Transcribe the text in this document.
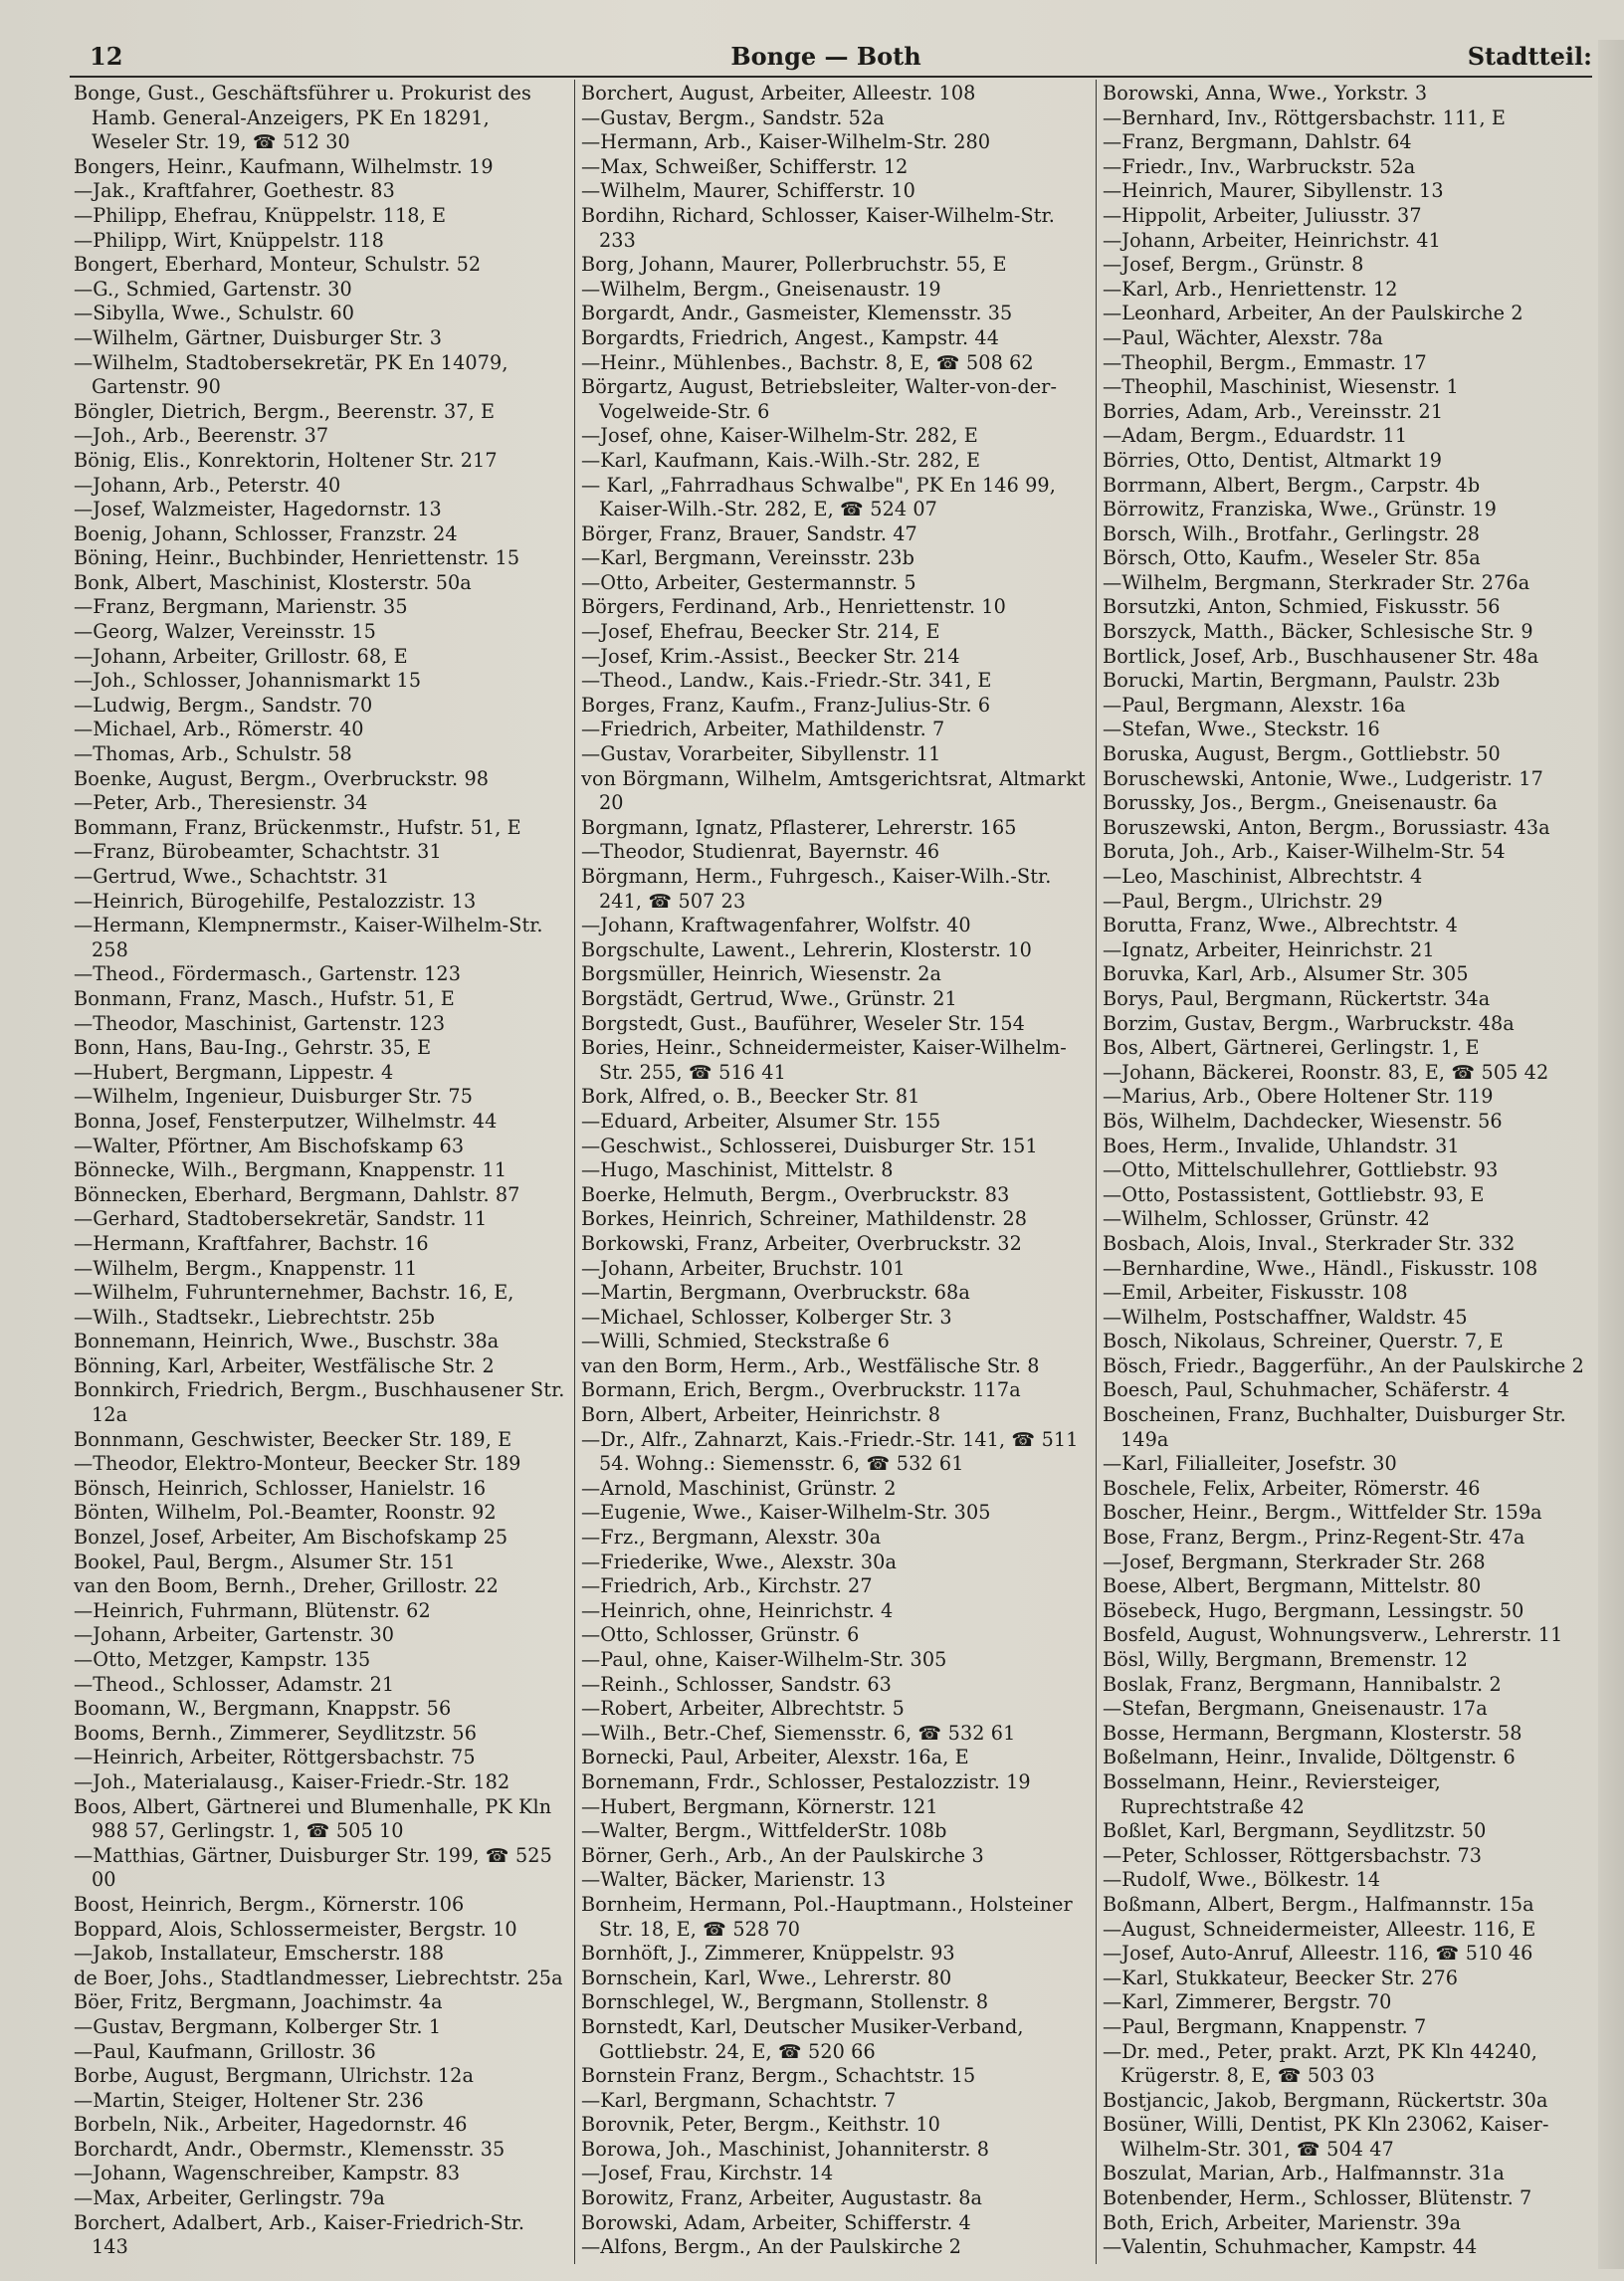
12	Bonge — Both	Stadtteil:

Bonge, Gust., Geschäftsführer u. Prokurist des Hamb. General-Anzeigers, PK En 18291, Weseler Str. 19, ☎ 512 30

Bongers, Heinr., Kaufmann, Wilhelmstr. 19

—Jak., Kraftfahrer, Goethestr. 83

—Philipp, Ehefrau, Knüppelstr. 118, E

—Philipp, Wirt, Knüppelstr. 118

Bongert, Eberhard, Monteur, Schulstr. 52

—G., Schmied, Gartenstr. 30

—Sibylla, Wwe., Schulstr. 60

—Wilhelm, Gärtner, Duisburger Str. 3

—Wilhelm, Stadtobersekretär, PK En 14079, Gartenstr. 90

Böngler, Dietrich, Bergm., Beerenstr. 37, E

—Joh., Arb., Beerenstr. 37

Bönig, Elis., Konrektorin, Holtener Str. 217

—Johann, Arb., Peterstr. 40

—Josef, Walzmeister, Hagedornstr. 13

Boenig, Johann, Schlosser, Franzstr. 24

Böning, Heinr., Buchbinder, Henriettenstr. 15

Bonk, Albert, Maschinist, Klosterstr. 50a

—Franz, Bergmann, Marienstr. 35

—Georg, Walzer, Vereinsstr. 15

—Johann, Arbeiter, Grillostr. 68, E

—Joh., Schlosser, Johannismarkt 15

—Ludwig, Bergm., Sandstr. 70

—Michael, Arb., Römerstr. 40

—Thomas, Arb., Schulstr. 58

Boenke, August, Bergm., Overbruckstr. 98

—Peter, Arb., Theresienstr. 34

Bommann, Franz, Brückenmstr., Hufstr. 51, E

—Franz, Bürobeamter, Schachtstr. 31

—Gertrud, Wwe., Schachtstr. 31

—Heinrich, Bürogehilfe, Pestalozzistr. 13

—Hermann, Klempnermstr., Kaiser-Wilhelm-Str. 258

—Theod., Fördermasch., Gartenstr. 123

Bonmann, Franz, Masch., Hufstr. 51, E

—Theodor, Maschinist, Gartenstr. 123

Bonn, Hans, Bau-Ing., Gehrstr. 35, E

—Hubert, Bergmann, Lippestr. 4

—Wilhelm, Ingenieur, Duisburger Str. 75

Bonna, Josef, Fensterputzer, Wilhelmstr. 44

—Walter, Pförtner, Am Bischofskamp 63

Bönnecke, Wilh., Bergmann, Knappenstr. 11

Bönnecken, Eberhard, Bergmann, Dahlstr. 87

—Gerhard, Stadtobersekretär, Sandstr. 11

—Hermann, Kraftfahrer, Bachstr. 16

—Wilhelm, Bergm., Knappenstr. 11

—Wilhelm, Fuhrunternehmer, Bachstr. 16, E,

—Wilh., Stadtsekr., Liebrechtstr. 25b

Bonnemann, Heinrich, Wwe., Buschstr. 38a

Bönning, Karl, Arbeiter, Westfälische Str. 2

Bonnkirch, Friedrich, Bergm., Buschhausener Str. 12a

Bonnmann, Geschwister, Beecker Str. 189, E

—Theodor, Elektro-Monteur, Beecker Str. 189

Bönsch, Heinrich, Schlosser, Hanielstr. 16

Bönten, Wilhelm, Pol.-Beamter, Roonstr. 92

Bonzel, Josef, Arbeiter, Am Bischofskamp 25

Bookel, Paul, Bergm., Alsumer Str. 151

van den Boom, Bernh., Dreher, Grillostr. 22

—Heinrich, Fuhrmann, Blütenstr. 62

—Johann, Arbeiter, Gartenstr. 30

—Otto, Metzger, Kampstr. 135

—Theod., Schlosser, Adamstr. 21

Boomann, W., Bergmann, Knappstr. 56

Booms, Bernh., Zimmerer, Seydlitzstr. 56

—Heinrich, Arbeiter, Röttgersbachstr. 75

—Joh., Materialausg., Kaiser-Friedr.-Str. 182

Boos, Albert, Gärtnerei und Blumenhalle, PK Kln 988 57, Gerlingstr. 1, ☎ 505 10

—Matthias, Gärtner, Duisburger Str. 199, ☎ 525 00

Boost, Heinrich, Bergm., Körnerstr. 106

Boppard, Alois, Schlossermeister, Bergstr. 10

—Jakob, Installateur, Emscherstr. 188

de Boer, Johs., Stadtlandmesser, Liebrechtstr. 25a

Böer, Fritz, Bergmann, Joachimstr. 4a

—Gustav, Bergmann, Kolberger Str. 1

—Paul, Kaufmann, Grillostr. 36

Borbe, August, Bergmann, Ulrichstr. 12a

—Martin, Steiger, Holtener Str. 236

Borbeln, Nik., Arbeiter, Hagedornstr. 46

Borchardt, Andr., Obermstr., Klemensstr. 35

—Johann, Wagenschreiber, Kampstr. 83

—Max, Arbeiter, Gerlingstr. 79a

Borchert, Adalbert, Arb., Kaiser-Friedrich-Str. 143

Borchert, August, Arbeiter, Alleestr. 108

—Gustav, Bergm., Sandstr. 52a

—Hermann, Arb., Kaiser-Wilhelm-Str. 280

—Max, Schweißer, Schifferstr. 12

—Wilhelm, Maurer, Schifferstr. 10

Bordihn, Richard, Schlosser, Kaiser-Wilhelm-Str. 233

Borg, Johann, Maurer, Pollerbruchstr. 55, E

—Wilhelm, Bergm., Gneisenaustr. 19

Borgardt, Andr., Gasmeister, Klemensstr. 35

Borgardts, Friedrich, Angest., Kampstr. 44

—Heinr., Mühlenbes., Bachstr. 8, E, ☎ 508 62

Börgartz, August, Betriebsleiter, Walter-von-der-Vogelweide-Str. 6

—Josef, ohne, Kaiser-Wilhelm-Str. 282, E

—Karl, Kaufmann, Kais.-Wilh.-Str. 282, E

— Karl, „Fahrradhaus Schwalbe", PK En 146 99, Kaiser-Wilh.-Str. 282, E, ☎ 524 07

Börger, Franz, Brauer, Sandstr. 47

—Karl, Bergmann, Vereinsstr. 23b

—Otto, Arbeiter, Gestermannstr. 5

Börgers, Ferdinand, Arb., Henriettenstr. 10

—Josef, Ehefrau, Beecker Str. 214, E

—Josef, Krim.-Assist., Beecker Str. 214

—Theod., Landw., Kais.-Friedr.-Str. 341, E

Borges, Franz, Kaufm., Franz-Julius-Str. 6

—Friedrich, Arbeiter, Mathildenstr. 7

—Gustav, Vorarbeiter, Sibyllenstr. 11

von Börgmann, Wilhelm, Amtsgerichtsrat, Altmarkt 20

Borgmann, Ignatz, Pflasterer, Lehrerstr. 165

—Theodor, Studienrat, Bayernstr. 46

Börgmann, Herm., Fuhrgesch., Kaiser-Wilh.-Str. 241, ☎ 507 23

—Johann, Kraftwagenfahrer, Wolfstr. 40

Borgschulte, Lawent., Lehrerin, Klosterstr. 10

Borgsmüller, Heinrich, Wiesenstr. 2a

Borgstädt, Gertrud, Wwe., Grünstr. 21

Borgstedt, Gust., Bauführer, Weseler Str. 154

Bories, Heinr., Schneidermeister, Kaiser-Wilhelm-Str. 255, ☎ 516 41

Bork, Alfred, o. B., Beecker Str. 81

—Eduard, Arbeiter, Alsumer Str. 155

—Geschwist., Schlosserei, Duisburger Str. 151

—Hugo, Maschinist, Mittelstr. 8

Boerke, Helmuth, Bergm., Overbruckstr. 83

Borkes, Heinrich, Schreiner, Mathildenstr. 28

Borkowski, Franz, Arbeiter, Overbruckstr. 32

—Johann, Arbeiter, Bruchstr. 101

—Martin, Bergmann, Overbruckstr. 68a

—Michael, Schlosser, Kolberger Str. 3

—Willi, Schmied, Steckstraße 6

van den Borm, Herm., Arb., Westfälische Str. 8

Bormann, Erich, Bergm., Overbruckstr. 117a

Born, Albert, Arbeiter, Heinrichstr. 8

—Dr., Alfr., Zahnarzt, Kais.-Friedr.-Str. 141, ☎ 511 54. Wohng.: Siemensstr. 6, ☎ 532 61

—Arnold, Maschinist, Grünstr. 2

—Eugenie, Wwe., Kaiser-Wilhelm-Str. 305

—Frz., Bergmann, Alexstr. 30a

—Friederike, Wwe., Alexstr. 30a

—Friedrich, Arb., Kirchstr. 27

—Heinrich, ohne, Heinrichstr. 4

—Otto, Schlosser, Grünstr. 6

—Paul, ohne, Kaiser-Wilhelm-Str. 305

—Reinh., Schlosser, Sandstr. 63

—Robert, Arbeiter, Albrechtstr. 5

—Wilh., Betr.-Chef, Siemensstr. 6, ☎ 532 61

Bornecki, Paul, Arbeiter, Alexstr. 16a, E

Bornemann, Frdr., Schlosser, Pestalozzistr. 19

—Hubert, Bergmann, Körnerstr. 121

—Walter, Bergm., WittfelderStr. 108b

Börner, Gerh., Arb., An der Paulskirche 3

—Walter, Bäcker, Marienstr. 13

Bornheim, Hermann, Pol.-Hauptmann., Holsteiner Str. 18, E, ☎ 528 70

Bornhöft, J., Zimmerer, Knüppelstr. 93

Bornschein, Karl, Wwe., Lehrerstr. 80

Bornschlegel, W., Bergmann, Stollenstr. 8

Bornstedt, Karl, Deutscher Musiker-Verband, Gottliebstr. 24, E, ☎ 520 66

Bornstein Franz, Bergm., Schachtstr. 15

—Karl, Bergmann, Schachtstr. 7

Borovnik, Peter, Bergm., Keithstr. 10

Borowa, Joh., Maschinist, Johanniterstr. 8

—Josef, Frau, Kirchstr. 14

Borowitz, Franz, Arbeiter, Augustastr. 8a

Borowski, Adam, Arbeiter, Schifferstr. 4

—Alfons, Bergm., An der Paulskirche 2

Borowski, Anna, Wwe., Yorkstr. 3

—Bernhard, Inv., Röttgersbachstr. 111, E

—Franz, Bergmann, Dahlstr. 64

—Friedr., Inv., Warbruckstr. 52a

—Heinrich, Maurer, Sibyllenstr. 13

—Hippolit, Arbeiter, Juliusstr. 37

—Johann, Arbeiter, Heinrichstr. 41

—Josef, Bergm., Grünstr. 8

—Karl, Arb., Henriettenstr. 12

—Leonhard, Arbeiter, An der Paulskirche 2

—Paul, Wächter, Alexstr. 78a

—Theophil, Bergm., Emmastr. 17

—Theophil, Maschinist, Wiesenstr. 1

Borries, Adam, Arb., Vereinsstr. 21

—Adam, Bergm., Eduardstr. 11

Börries, Otto, Dentist, Altmarkt 19

Borrmann, Albert, Bergm., Carpstr. 4b

Börrowitz, Franziska, Wwe., Grünstr. 19

Borsch, Wilh., Brotfahr., Gerlingstr. 28

Börsch, Otto, Kaufm., Weseler Str. 85a

—Wilhelm, Bergmann, Sterkrader Str. 276a

Borsutzki, Anton, Schmied, Fiskusstr. 56

Borszyck, Matth., Bäcker, Schlesische Str. 9

Bortlick, Josef, Arb., Buschhausener Str. 48a

Borucki, Martin, Bergmann, Paulstr. 23b

—Paul, Bergmann, Alexstr. 16a

—Stefan, Wwe., Steckstr. 16

Boruska, August, Bergm., Gottliebstr. 50

Boruschewski, Antonie, Wwe., Ludgeristr. 17

Borussky, Jos., Bergm., Gneisenaustr. 6a

Boruszewski, Anton, Bergm., Borussiastr. 43a

Boruta, Joh., Arb., Kaiser-Wilhelm-Str. 54

—Leo, Maschinist, Albrechtstr. 4

—Paul, Bergm., Ulrichstr. 29

Borutta, Franz, Wwe., Albrechtstr. 4

—Ignatz, Arbeiter, Heinrichstr. 21

Boruvka, Karl, Arb., Alsumer Str. 305

Borys, Paul, Bergmann, Rückertstr. 34a

Borzim, Gustav, Bergm., Warbruckstr. 48a

Bos, Albert, Gärtnerei, Gerlingstr. 1, E

—Johann, Bäckerei, Roonstr. 83, E, ☎ 505 42

—Marius, Arb., Obere Holtener Str. 119

Bös, Wilhelm, Dachdecker, Wiesenstr. 56

Boes, Herm., Invalide, Uhlandstr. 31

—Otto, Mittelschullehrer, Gottliebstr. 93

—Otto, Postassistent, Gottliebstr. 93, E

—Wilhelm, Schlosser, Grünstr. 42

Bosbach, Alois, Inval., Sterkrader Str. 332

—Bernhardine, Wwe., Händl., Fiskusstr. 108

—Emil, Arbeiter, Fiskusstr. 108

—Wilhelm, Postschaffner, Waldstr. 45

Bosch, Nikolaus, Schreiner, Querstr. 7, E

Bösch, Friedr., Baggerführ., An der Paulskirche 2

Boesch, Paul, Schuhmacher, Schäferstr. 4

Boscheinen, Franz, Buchhalter, Duisburger Str. 149a

—Karl, Filialleiter, Josefstr. 30

Boschele, Felix, Arbeiter, Römerstr. 46

Boscher, Heinr., Bergm., Wittfelder Str. 159a

Bose, Franz, Bergm., Prinz-Regent-Str. 47a

—Josef, Bergmann, Sterkrader Str. 268

Boese, Albert, Bergmann, Mittelstr. 80

Bösebeck, Hugo, Bergmann, Lessingstr. 50

Bosfeld, August, Wohnungsverw., Lehrerstr. 11

Bösl, Willy, Bergmann, Bremenstr. 12

Boslak, Franz, Bergmann, Hannibalstr. 2

—Stefan, Bergmann, Gneisenaustr. 17a

Bosse, Hermann, Bergmann, Klosterstr. 58

Boßelmann, Heinr., Invalide, Döltgenstr. 6

Bosselmann, Heinr., Reviersteiger, Ruprechtstraße 42

Boßlet, Karl, Bergmann, Seydlitzstr. 50

—Peter, Schlosser, Röttgersbachstr. 73

—Rudolf, Wwe., Bölkestr. 14

Boßmann, Albert, Bergm., Halfmannstr. 15a

—August, Schneidermeister, Alleestr. 116, E

—Josef, Auto-Anruf, Alleestr. 116, ☎ 510 46

—Karl, Stukkateur, Beecker Str. 276

—Karl, Zimmerer, Bergstr. 70

—Paul, Bergmann, Knappenstr. 7

—Dr. med., Peter, prakt. Arzt, PK Kln 44240, Krügerstr. 8, E, ☎ 503 03

Bostjancic, Jakob, Bergmann, Rückertstr. 30a

Bosüner, Willi, Dentist, PK Kln 23062, Kaiser-Wilhelm-Str. 301, ☎ 504 47

Boszulat, Marian, Arb., Halfmannstr. 31a

Botenbender, Herm., Schlosser, Blütenstr. 7

Both, Erich, Arbeiter, Marienstr. 39a

—Valentin, Schuhmacher, Kampstr. 44
